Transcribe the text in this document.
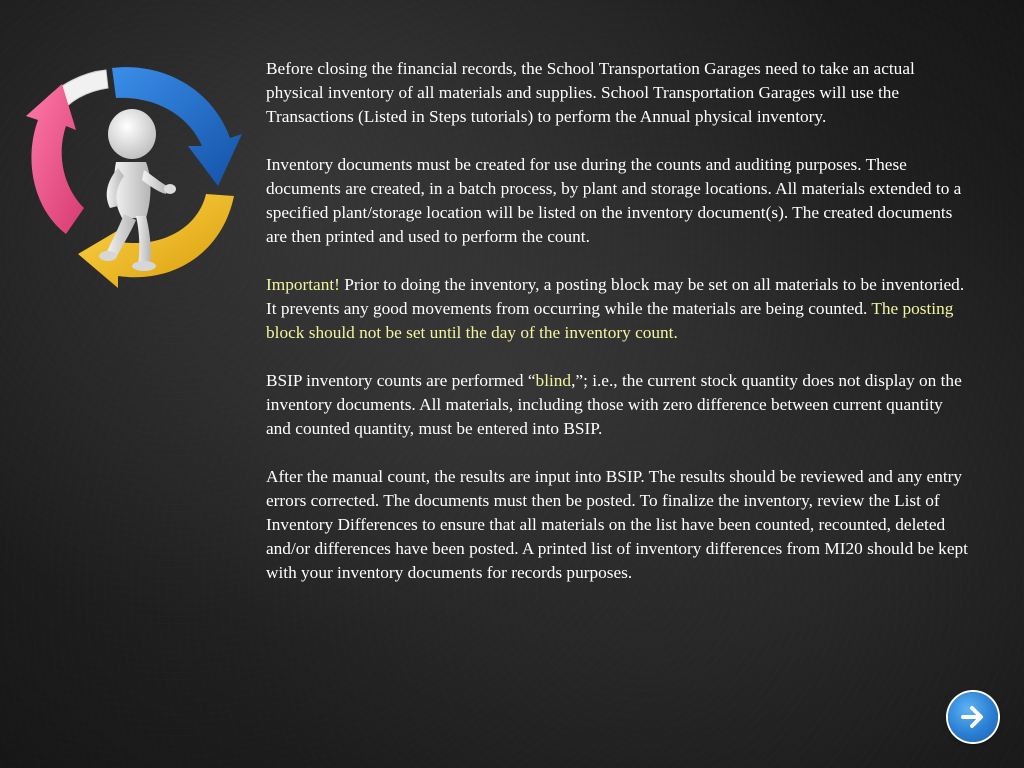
Before closing the financial records, the School Transportation Garages need to take an actual physical inventory of all materials and supplies. School Transportation Garages will use the Transactions (Listed in Steps tutorials) to perform the Annual physical inventory.

Inventory documents must be created for use during the counts and auditing purposes. These documents are created, in a batch process, by plant and storage locations. All materials extended to a specified plant/storage location will be listed on the inventory document(s). The created documents are then printed and used to perform the count.

Important! Prior to doing the inventory, a posting block may be set on all materials to be inventoried. It prevents any good movements from occurring while the materials are being counted. The posting block should not be set until the day of the inventory count.

BSIP inventory counts are performed “blind,”; i.e., the current stock quantity does not display on the inventory documents. All materials, including those with zero difference between current quantity and counted quantity, must be entered into BSIP.

After the manual count, the results are input into BSIP. The results should be reviewed and any entry errors corrected. The documents must then be posted. To finalize the inventory, review the List of Inventory Differences to ensure that all materials on the list have been counted, recounted, deleted and/or differences have been posted. A printed list of inventory differences from MI20 should be kept with your inventory documents for records purposes.
